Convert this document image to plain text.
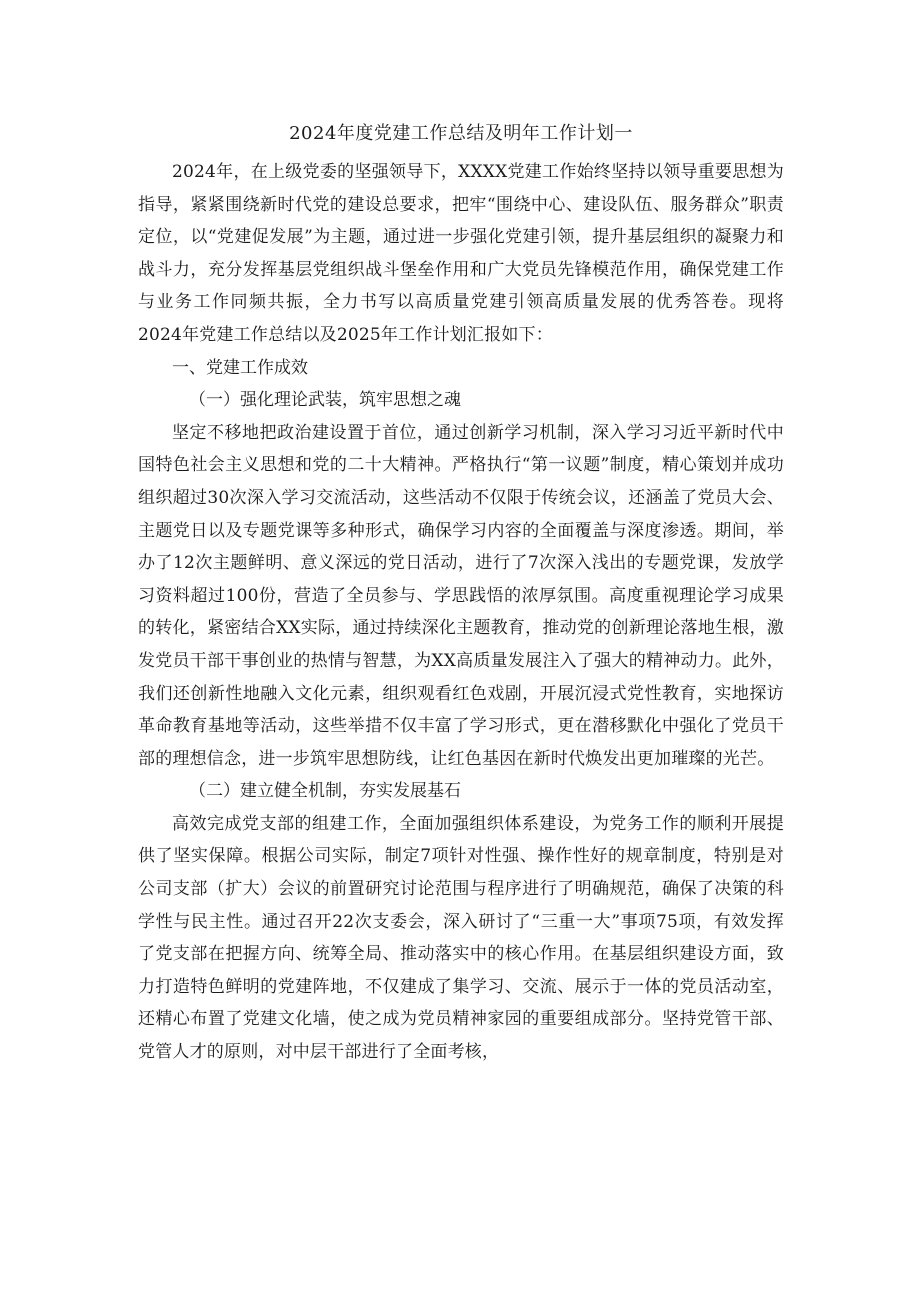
2024年度党建工作总结及明年工作计划一

2024年，在上级党委的坚强领导下，XXXX党建工作始终坚持以领导重要思想为指导，紧紧围绕新时代党的建设总要求，把牢“围绕中心、建设队伍、服务群众”职责定位，以“党建促发展”为主题，通过进一步强化党建引领，提升基层组织的凝聚力和战斗力，充分发挥基层党组织战斗堡垒作用和广大党员先锋模范作用，确保党建工作与业务工作同频共振，全力书写以高质量党建引领高质量发展的优秀答卷。现将2024年党建工作总结以及2025年工作计划汇报如下：

一、党建工作成效

（一）强化理论武装，筑牢思想之魂

坚定不移地把政治建设置于首位，通过创新学习机制，深入学习习近平新时代中国特色社会主义思想和党的二十大精神。严格执行“第一议题”制度，精心策划并成功组织超过30次深入学习交流活动，这些活动不仅限于传统会议，还涵盖了党员大会、主题党日以及专题党课等多种形式，确保学习内容的全面覆盖与深度渗透。期间，举办了12次主题鲜明、意义深远的党日活动，进行了7次深入浅出的专题党课，发放学习资料超过100份，营造了全员参与、学思践悟的浓厚氛围。高度重视理论学习成果的转化，紧密结合XX实际，通过持续深化主题教育，推动党的创新理论落地生根，激发党员干部干事创业的热情与智慧，为XX高质量发展注入了强大的精神动力。此外，我们还创新性地融入文化元素，组织观看红色戏剧，开展沉浸式党性教育，实地探访革命教育基地等活动，这些举措不仅丰富了学习形式，更在潜移默化中强化了党员干部的理想信念，进一步筑牢思想防线，让红色基因在新时代焕发出更加璀璨的光芒。

（二）建立健全机制，夯实发展基石

高效完成党支部的组建工作，全面加强组织体系建设，为党务工作的顺利开展提供了坚实保障。根据公司实际，制定7项针对性强、操作性好的规章制度，特别是对公司支部（扩大）会议的前置研究讨论范围与程序进行了明确规范，确保了决策的科学性与民主性。通过召开22次支委会，深入研讨了“三重一大”事项75项，有效发挥了党支部在把握方向、统筹全局、推动落实中的核心作用。在基层组织建设方面，致力打造特色鲜明的党建阵地，不仅建成了集学习、交流、展示于一体的党员活动室，还精心布置了党建文化墙，使之成为党员精神家园的重要组成部分。坚持党管干部、党管人才的原则，对中层干部进行了全面考核，
